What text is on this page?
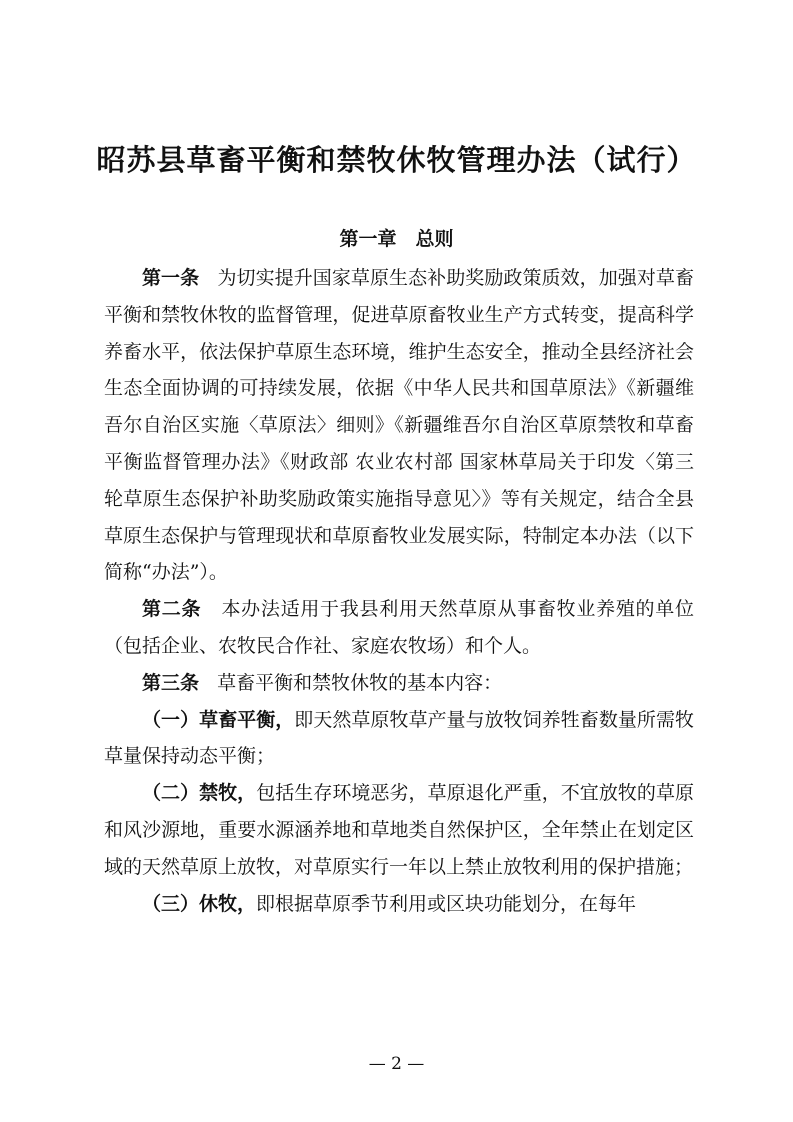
昭苏县草畜平衡和禁牧休牧管理办法（试行）
第一章　总则

第一条 为切实提升国家草原生态补助奖励政策质效，加强对草畜平衡和禁牧休牧的监督管理，促进草原畜牧业生产方式转变，提高科学养畜水平，依法保护草原生态环境，维护生态安全，推动全县经济社会生态全面协调的可持续发展，依据《中华人民共和国草原法》《新疆维吾尔自治区实施〈草原法〉细则》《新疆维吾尔自治区草原禁牧和草畜平衡监督管理办法》《财政部 农业农村部 国家林草局关于印发〈第三轮草原生态保护补助奖励政策实施指导意见〉》等有关规定，结合全县草原生态保护与管理现状和草原畜牧业发展实际，特制定本办法（以下简称“办法”）。

第二条 本办法适用于我县利用天然草原从事畜牧业养殖的单位（包括企业、农牧民合作社、家庭农牧场）和个人。

第三条 草畜平衡和禁牧休牧的基本内容：

（一）草畜平衡，即天然草原牧草产量与放牧饲养牲畜数量所需牧草量保持动态平衡；

（二）禁牧，包括生存环境恶劣，草原退化严重，不宜放牧的草原和风沙源地，重要水源涵养地和草地类自然保护区，全年禁止在划定区域的天然草原上放牧，对草原实行一年以上禁止放牧利用的保护措施；

（三）休牧，即根据草原季节利用或区块功能划分，在每年

— 2 —
